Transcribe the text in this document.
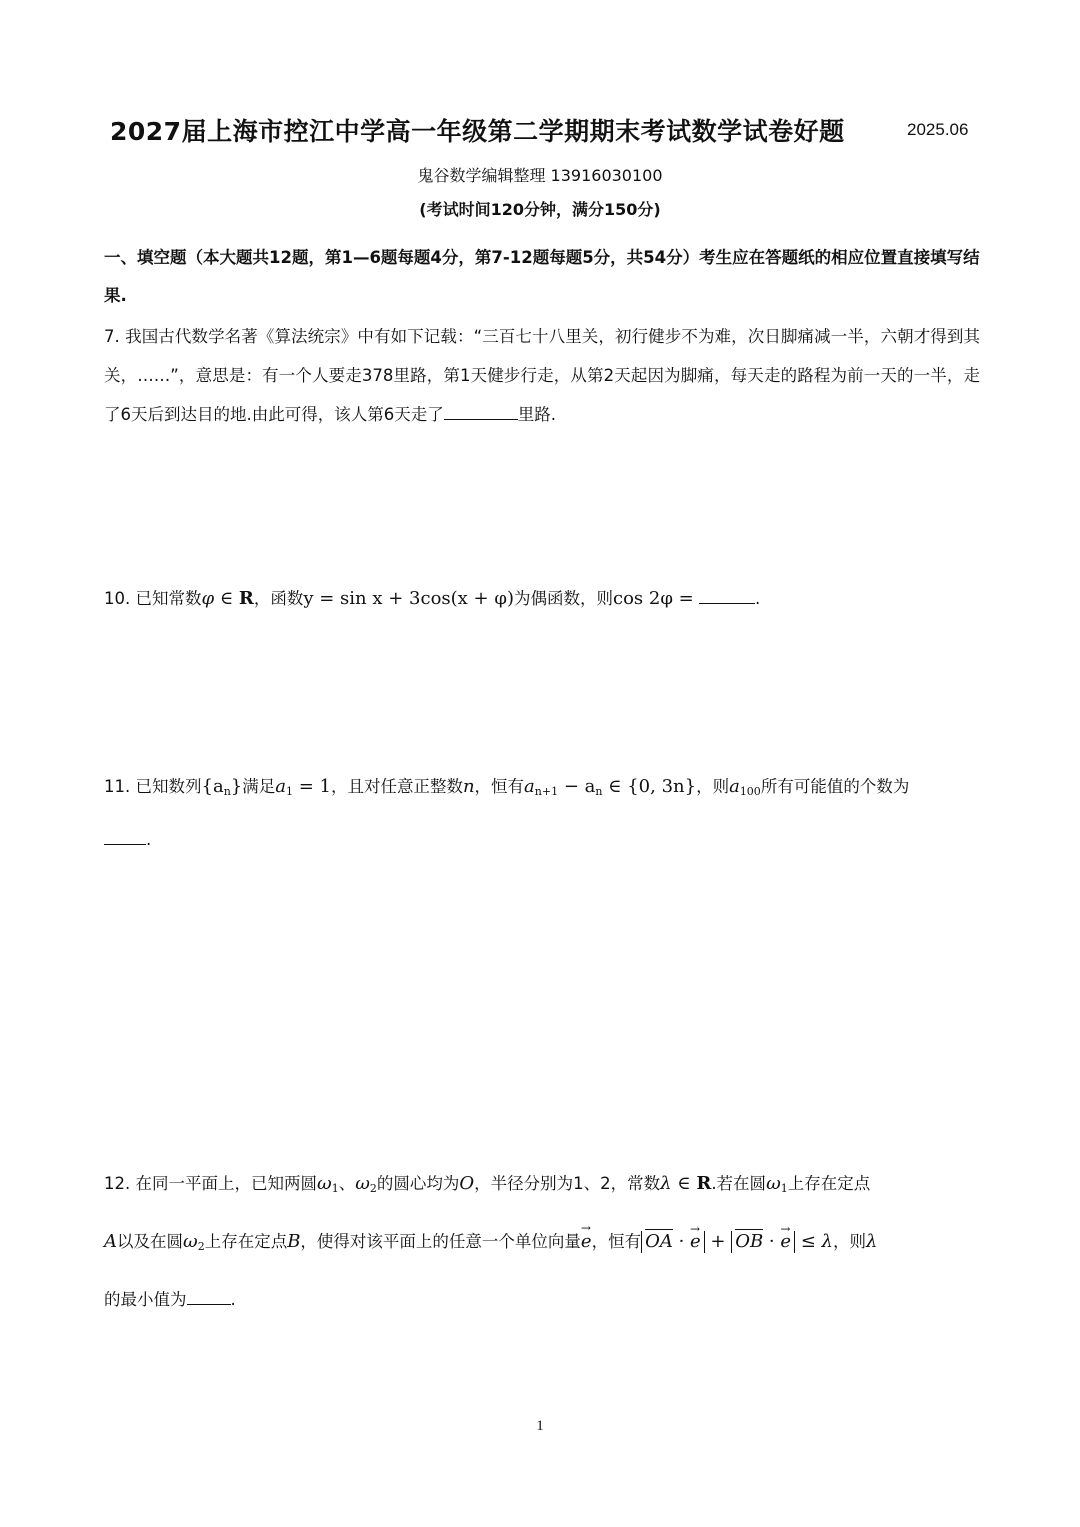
2027届上海市控江中学高一年级第二学期期末考试数学试卷好题	2025.06
鬼谷数学编辑整理 13916030100
(考试时间120分钟，满分150分)
一、填空题（本大题共12题，第1—6题每题4分，第7-12题每题5分，共54分）考生应在答题纸的相应位置直接填写结果.
7. 我国古代数学名著《算法统宗》中有如下记载：“三百七十八里关，初行健步不为难，次日脚痛减一半，六朝才得到其关，……”，意思是：有一个人要走378里路，第1天健步行走，从第2天起因为脚痛，每天走的路程为前一天的一半，走了6天后到达目的地.由此可得，该人第6天走了	里路.
10. 已知常数φ ∈ R，函数y = sin x + 3cos(x + φ)为偶函数，则cos 2φ =	.
11. 已知数列$\{a_n\}$满足$a_1 = 1$，且对任意正整数n，恒有$a_{n+1} - a_n$ ∈ {0, 3n}，则$a_{100}$所有可能值的个数为
.
12. 在同一平面上，已知两圆$\omega_1$、$\omega_2$的圆心均为O，半径分别为1、2，常数λ ∈ R.若在圆$\omega_1$上存在定点
A以及在圆$\omega_2$上存在定点B，使得对该平面上的任意一个单位向量e →，恒有 OA · e → + OB · e → ≤ λ，则λ
的最小值为	.
1
